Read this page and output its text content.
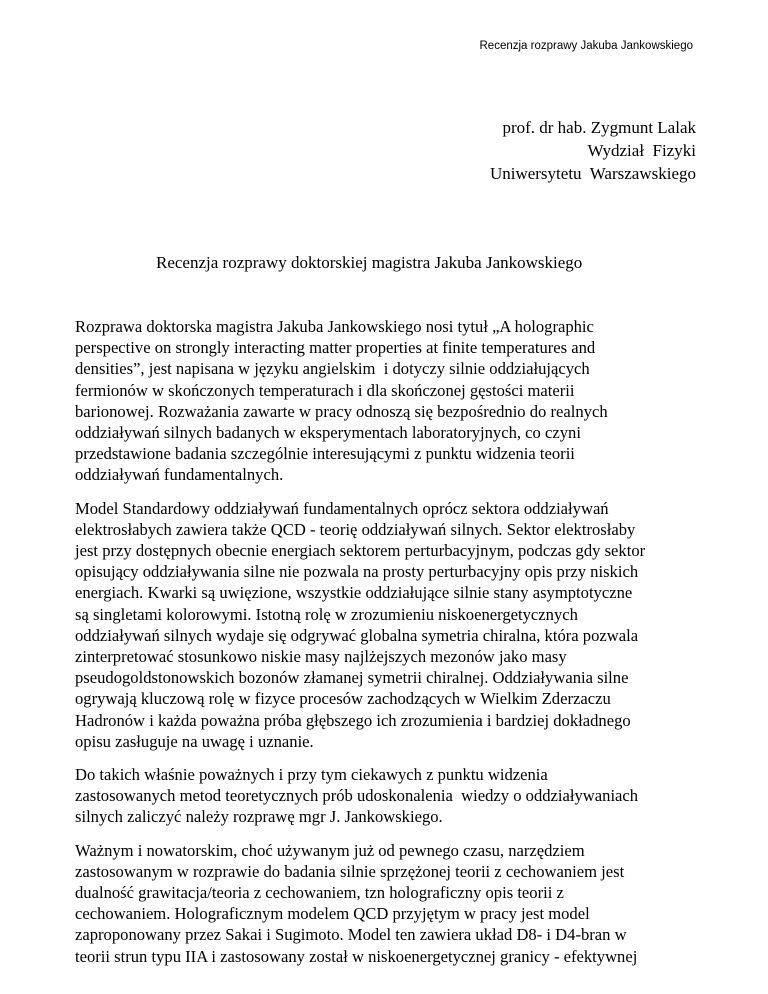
Recenzja rozprawy Jakuba Jankowskiego
prof. dr hab. Zygmunt Lalak
Wydział  Fizyki
Uniwersytetu  Warszawskiego
Recenzja rozprawy doktorskiej magistra Jakuba Jankowskiego
Rozprawa doktorska magistra Jakuba Jankowskiego nosi tytuł „A holographic
perspective on strongly interacting matter properties at finite temperatures and
densities”, jest napisana w języku angielskim  i dotyczy silnie oddziałujących
fermionów w skończonych temperaturach i dla skończonej gęstości materii
barionowej. Rozważania zawarte w pracy odnoszą się bezpośrednio do realnych
oddziaływań silnych badanych w eksperymentach laboratoryjnych, co czyni
przedstawione badania szczególnie interesującymi z punktu widzenia teorii
oddziaływań fundamentalnych.
Model Standardowy oddziaływań fundamentalnych oprócz sektora oddziaływań
elektrosłabych zawiera także QCD - teorię oddziaływań silnych. Sektor elektrosłaby
jest przy dostępnych obecnie energiach sektorem perturbacyjnym, podczas gdy sektor
opisujący oddziaływania silne nie pozwala na prosty perturbacyjny opis przy niskich
energiach. Kwarki są uwięzione, wszystkie oddziałujące silnie stany asymptotyczne
są singletami kolorowymi. Istotną rolę w zrozumieniu niskoenergetycznych
oddziaływań silnych wydaje się odgrywać globalna symetria chiralna, która pozwala
zinterpretować stosunkowo niskie masy najlżejszych mezonów jako masy
pseudogoldstonowskich bozonów złamanej symetrii chiralnej. Oddziaływania silne
ogrywają kluczową rolę w fizyce procesów zachodzących w Wielkim Zderzaczu
Hadronów i każda poważna próba głębszego ich zrozumienia i bardziej dokładnego
opisu zasługuje na uwagę i uznanie.
Do takich właśnie poważnych i przy tym ciekawych z punktu widzenia
zastosowanych metod teoretycznych prób udoskonalenia  wiedzy o oddziaływaniach
silnych zaliczyć należy rozprawę mgr J. Jankowskiego.
Ważnym i nowatorskim, choć używanym już od pewnego czasu, narzędziem
zastosowanym w rozprawie do badania silnie sprzężonej teorii z cechowaniem jest
dualność grawitacja/teoria z cechowaniem, tzn holograficzny opis teorii z
cechowaniem. Holograficznym modelem QCD przyjętym w pracy jest model
zaproponowany przez Sakai i Sugimoto. Model ten zawiera układ D8- i D4-bran w
teorii strun typu IIA i zastosowany został w niskoenergetycznej granicy - efektywnej
